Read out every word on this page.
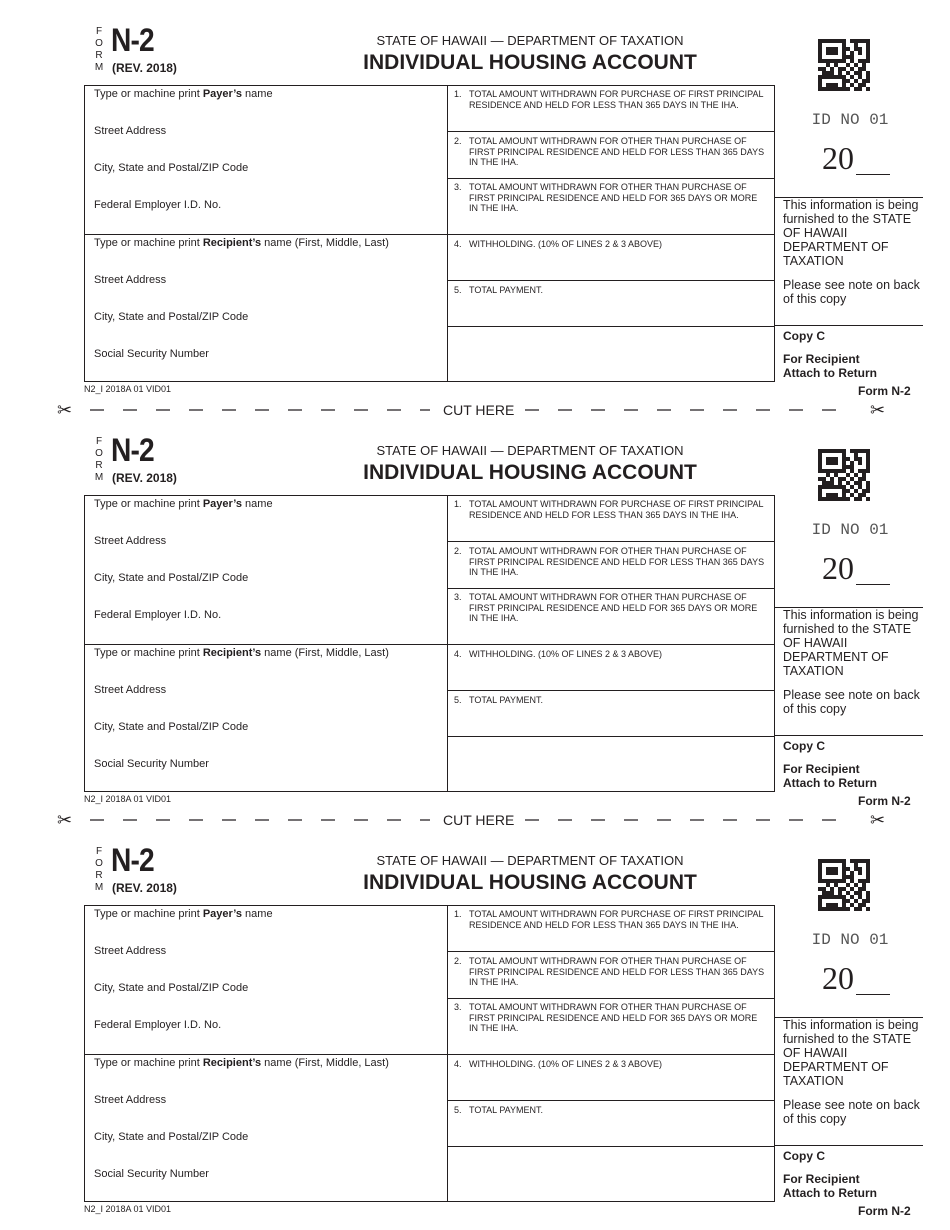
F
O
R
M
N-2
(REV. 2018)
STATE OF HAWAII — DEPARTMENT OF TAXATION
INDIVIDUAL HOUSING ACCOUNT
ID NO 01
20
Type or machine print Payer’s name
Street Address
City, State and Postal/ZIP Code
Federal Employer I.D. No.
Type or machine print Recipient’s name (First, Middle, Last)
Street Address
City, State and Postal/ZIP Code
Social Security Number
1. TOTAL AMOUNT WITHDRAWN FOR PURCHASE OF FIRST PRINCIPAL RESIDENCE AND HELD FOR LESS THAN 365 DAYS IN THE IHA.
2. TOTAL AMOUNT WITHDRAWN FOR OTHER THAN PURCHASE OF FIRST PRINCIPAL RESIDENCE AND HELD FOR LESS THAN 365 DAYS IN THE IHA.
3. TOTAL AMOUNT WITHDRAWN FOR OTHER THAN PURCHASE OF FIRST PRINCIPAL RESIDENCE AND HELD FOR 365 DAYS OR MORE IN THE IHA.
4. WITHHOLDING. (10% OF LINES 2 & 3 ABOVE)
5. TOTAL PAYMENT.
This information is being furnished to the STATE OF HAWAII DEPARTMENT OF TAXATION
Please see note on back of this copy
Copy C
For Recipient
Attach to Return
N2_I 2018A 01 VID01	Form N-2
✂	CUT HERE	✂
F
O
R
M
N-2
(REV. 2018)
STATE OF HAWAII — DEPARTMENT OF TAXATION
INDIVIDUAL HOUSING ACCOUNT
ID NO 01
20
Type or machine print Payer’s name
Street Address
City, State and Postal/ZIP Code
Federal Employer I.D. No.
Type or machine print Recipient’s name (First, Middle, Last)
Street Address
City, State and Postal/ZIP Code
Social Security Number
1. TOTAL AMOUNT WITHDRAWN FOR PURCHASE OF FIRST PRINCIPAL RESIDENCE AND HELD FOR LESS THAN 365 DAYS IN THE IHA.
2. TOTAL AMOUNT WITHDRAWN FOR OTHER THAN PURCHASE OF FIRST PRINCIPAL RESIDENCE AND HELD FOR LESS THAN 365 DAYS IN THE IHA.
3. TOTAL AMOUNT WITHDRAWN FOR OTHER THAN PURCHASE OF FIRST PRINCIPAL RESIDENCE AND HELD FOR 365 DAYS OR MORE IN THE IHA.
4. WITHHOLDING. (10% OF LINES 2 & 3 ABOVE)
5. TOTAL PAYMENT.
This information is being furnished to the STATE OF HAWAII DEPARTMENT OF TAXATION
Please see note on back of this copy
Copy C
For Recipient
Attach to Return
N2_I 2018A 01 VID01	Form N-2
✂	CUT HERE	✂
F
O
R
M
N-2
(REV. 2018)
STATE OF HAWAII — DEPARTMENT OF TAXATION
INDIVIDUAL HOUSING ACCOUNT
ID NO 01
20
Type or machine print Payer’s name
Street Address
City, State and Postal/ZIP Code
Federal Employer I.D. No.
Type or machine print Recipient’s name (First, Middle, Last)
Street Address
City, State and Postal/ZIP Code
Social Security Number
1. TOTAL AMOUNT WITHDRAWN FOR PURCHASE OF FIRST PRINCIPAL RESIDENCE AND HELD FOR LESS THAN 365 DAYS IN THE IHA.
2. TOTAL AMOUNT WITHDRAWN FOR OTHER THAN PURCHASE OF FIRST PRINCIPAL RESIDENCE AND HELD FOR LESS THAN 365 DAYS IN THE IHA.
3. TOTAL AMOUNT WITHDRAWN FOR OTHER THAN PURCHASE OF FIRST PRINCIPAL RESIDENCE AND HELD FOR 365 DAYS OR MORE IN THE IHA.
4. WITHHOLDING. (10% OF LINES 2 & 3 ABOVE)
5. TOTAL PAYMENT.
This information is being furnished to the STATE OF HAWAII DEPARTMENT OF TAXATION
Please see note on back of this copy
Copy C
For Recipient
Attach to Return
N2_I 2018A 01 VID01	Form N-2
